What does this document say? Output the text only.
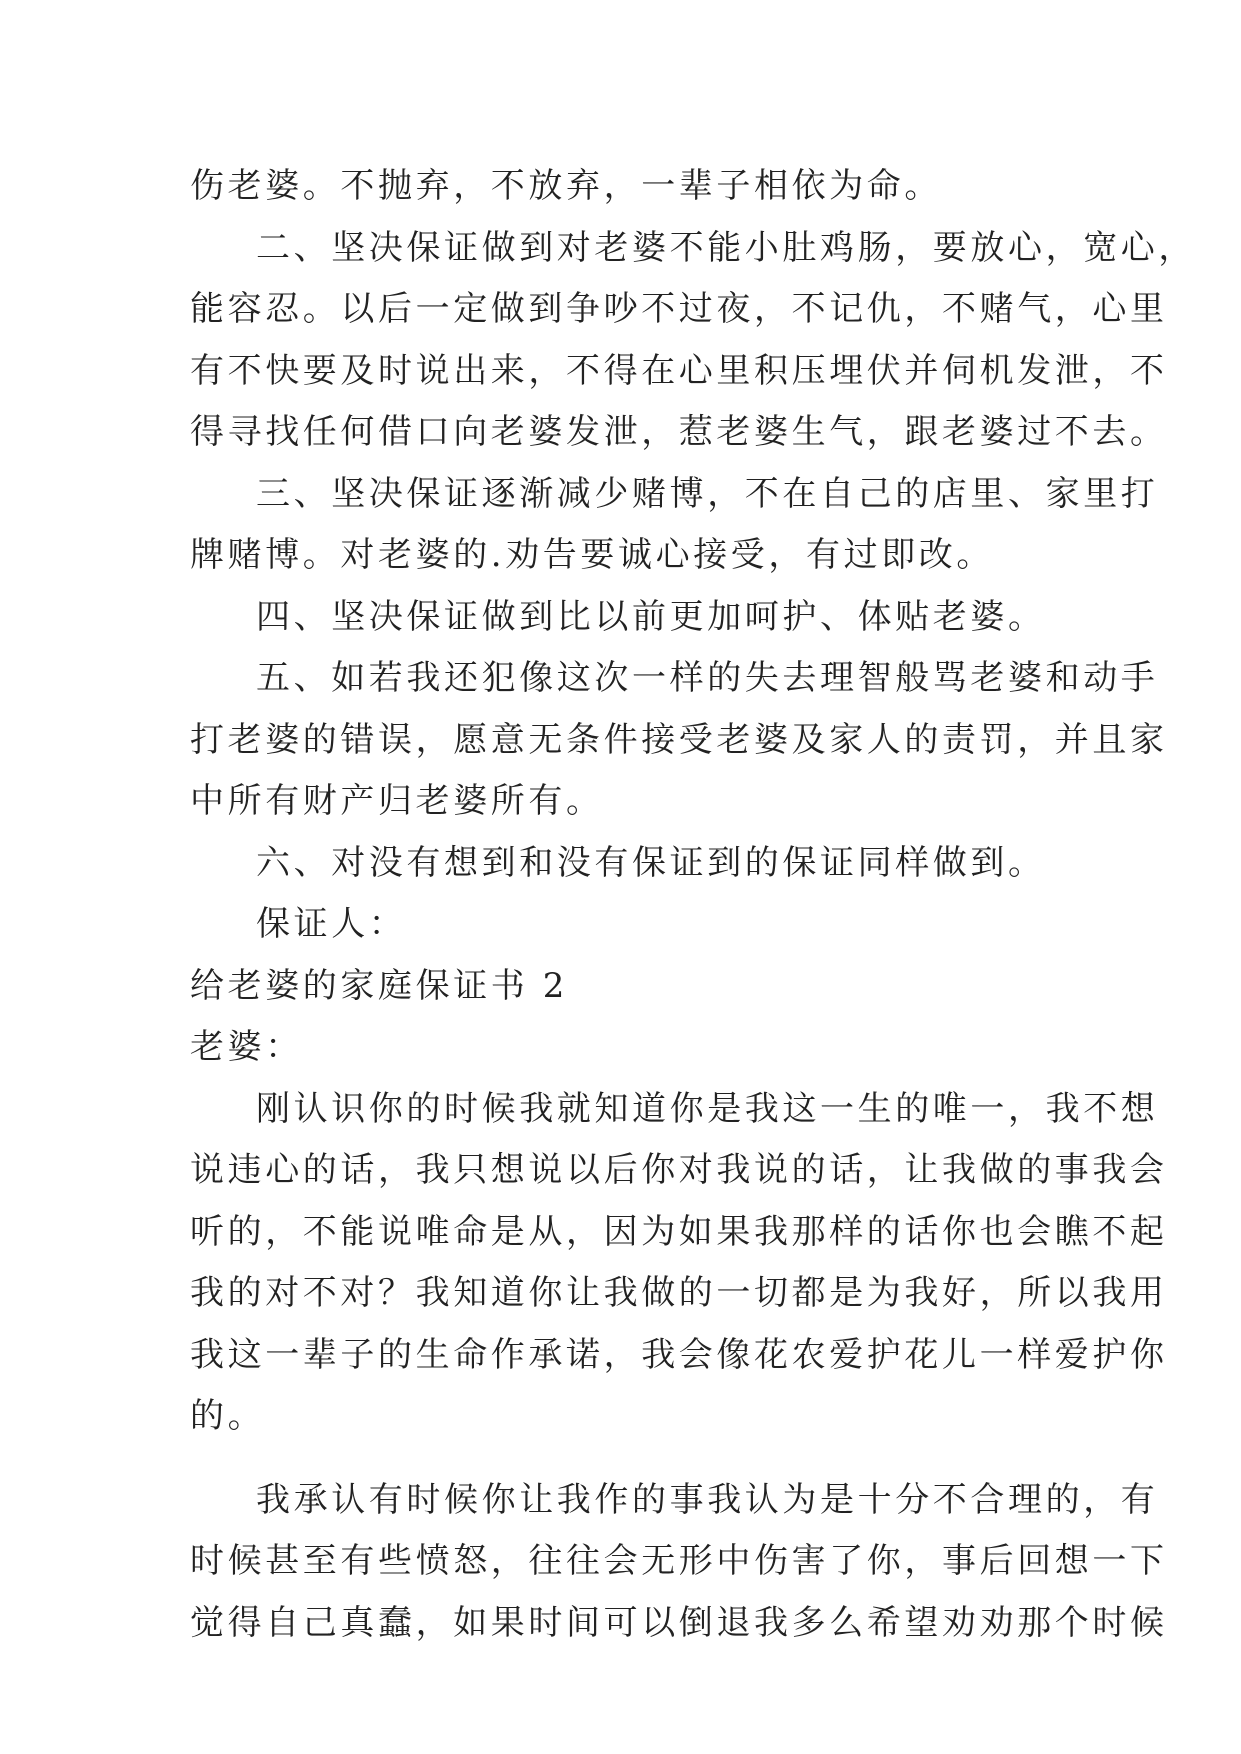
伤老婆。不抛弃，不放弃，一辈子相依为命。

二、坚决保证做到对老婆不能小肚鸡肠，要放心，宽心，

能容忍。以后一定做到争吵不过夜，不记仇，不赌气，心里

有不快要及时说出来，不得在心里积压埋伏并伺机发泄，不

得寻找任何借口向老婆发泄，惹老婆生气，跟老婆过不去。

三、坚决保证逐渐减少赌博，不在自己的店里、家里打

牌赌博。对老婆的.劝告要诚心接受，有过即改。

四、坚决保证做到比以前更加呵护、体贴老婆。

五、如若我还犯像这次一样的失去理智般骂老婆和动手

打老婆的错误，愿意无条件接受老婆及家人的责罚，并且家

中所有财产归老婆所有。

六、对没有想到和没有保证到的保证同样做到。

保证人：

给老婆的家庭保证书 2

老婆：

刚认识你的时候我就知道你是我这一生的唯一，我不想

说违心的话，我只想说以后你对我说的话，让我做的事我会

听的，不能说唯命是从，因为如果我那样的话你也会瞧不起

我的对不对？我知道你让我做的一切都是为我好，所以我用

我这一辈子的生命作承诺，我会像花农爱护花儿一样爱护你

的。

我承认有时候你让我作的事我认为是十分不合理的，有

时候甚至有些愤怒，往往会无形中伤害了你，事后回想一下

觉得自己真蠢，如果时间可以倒退我多么希望劝劝那个时候
